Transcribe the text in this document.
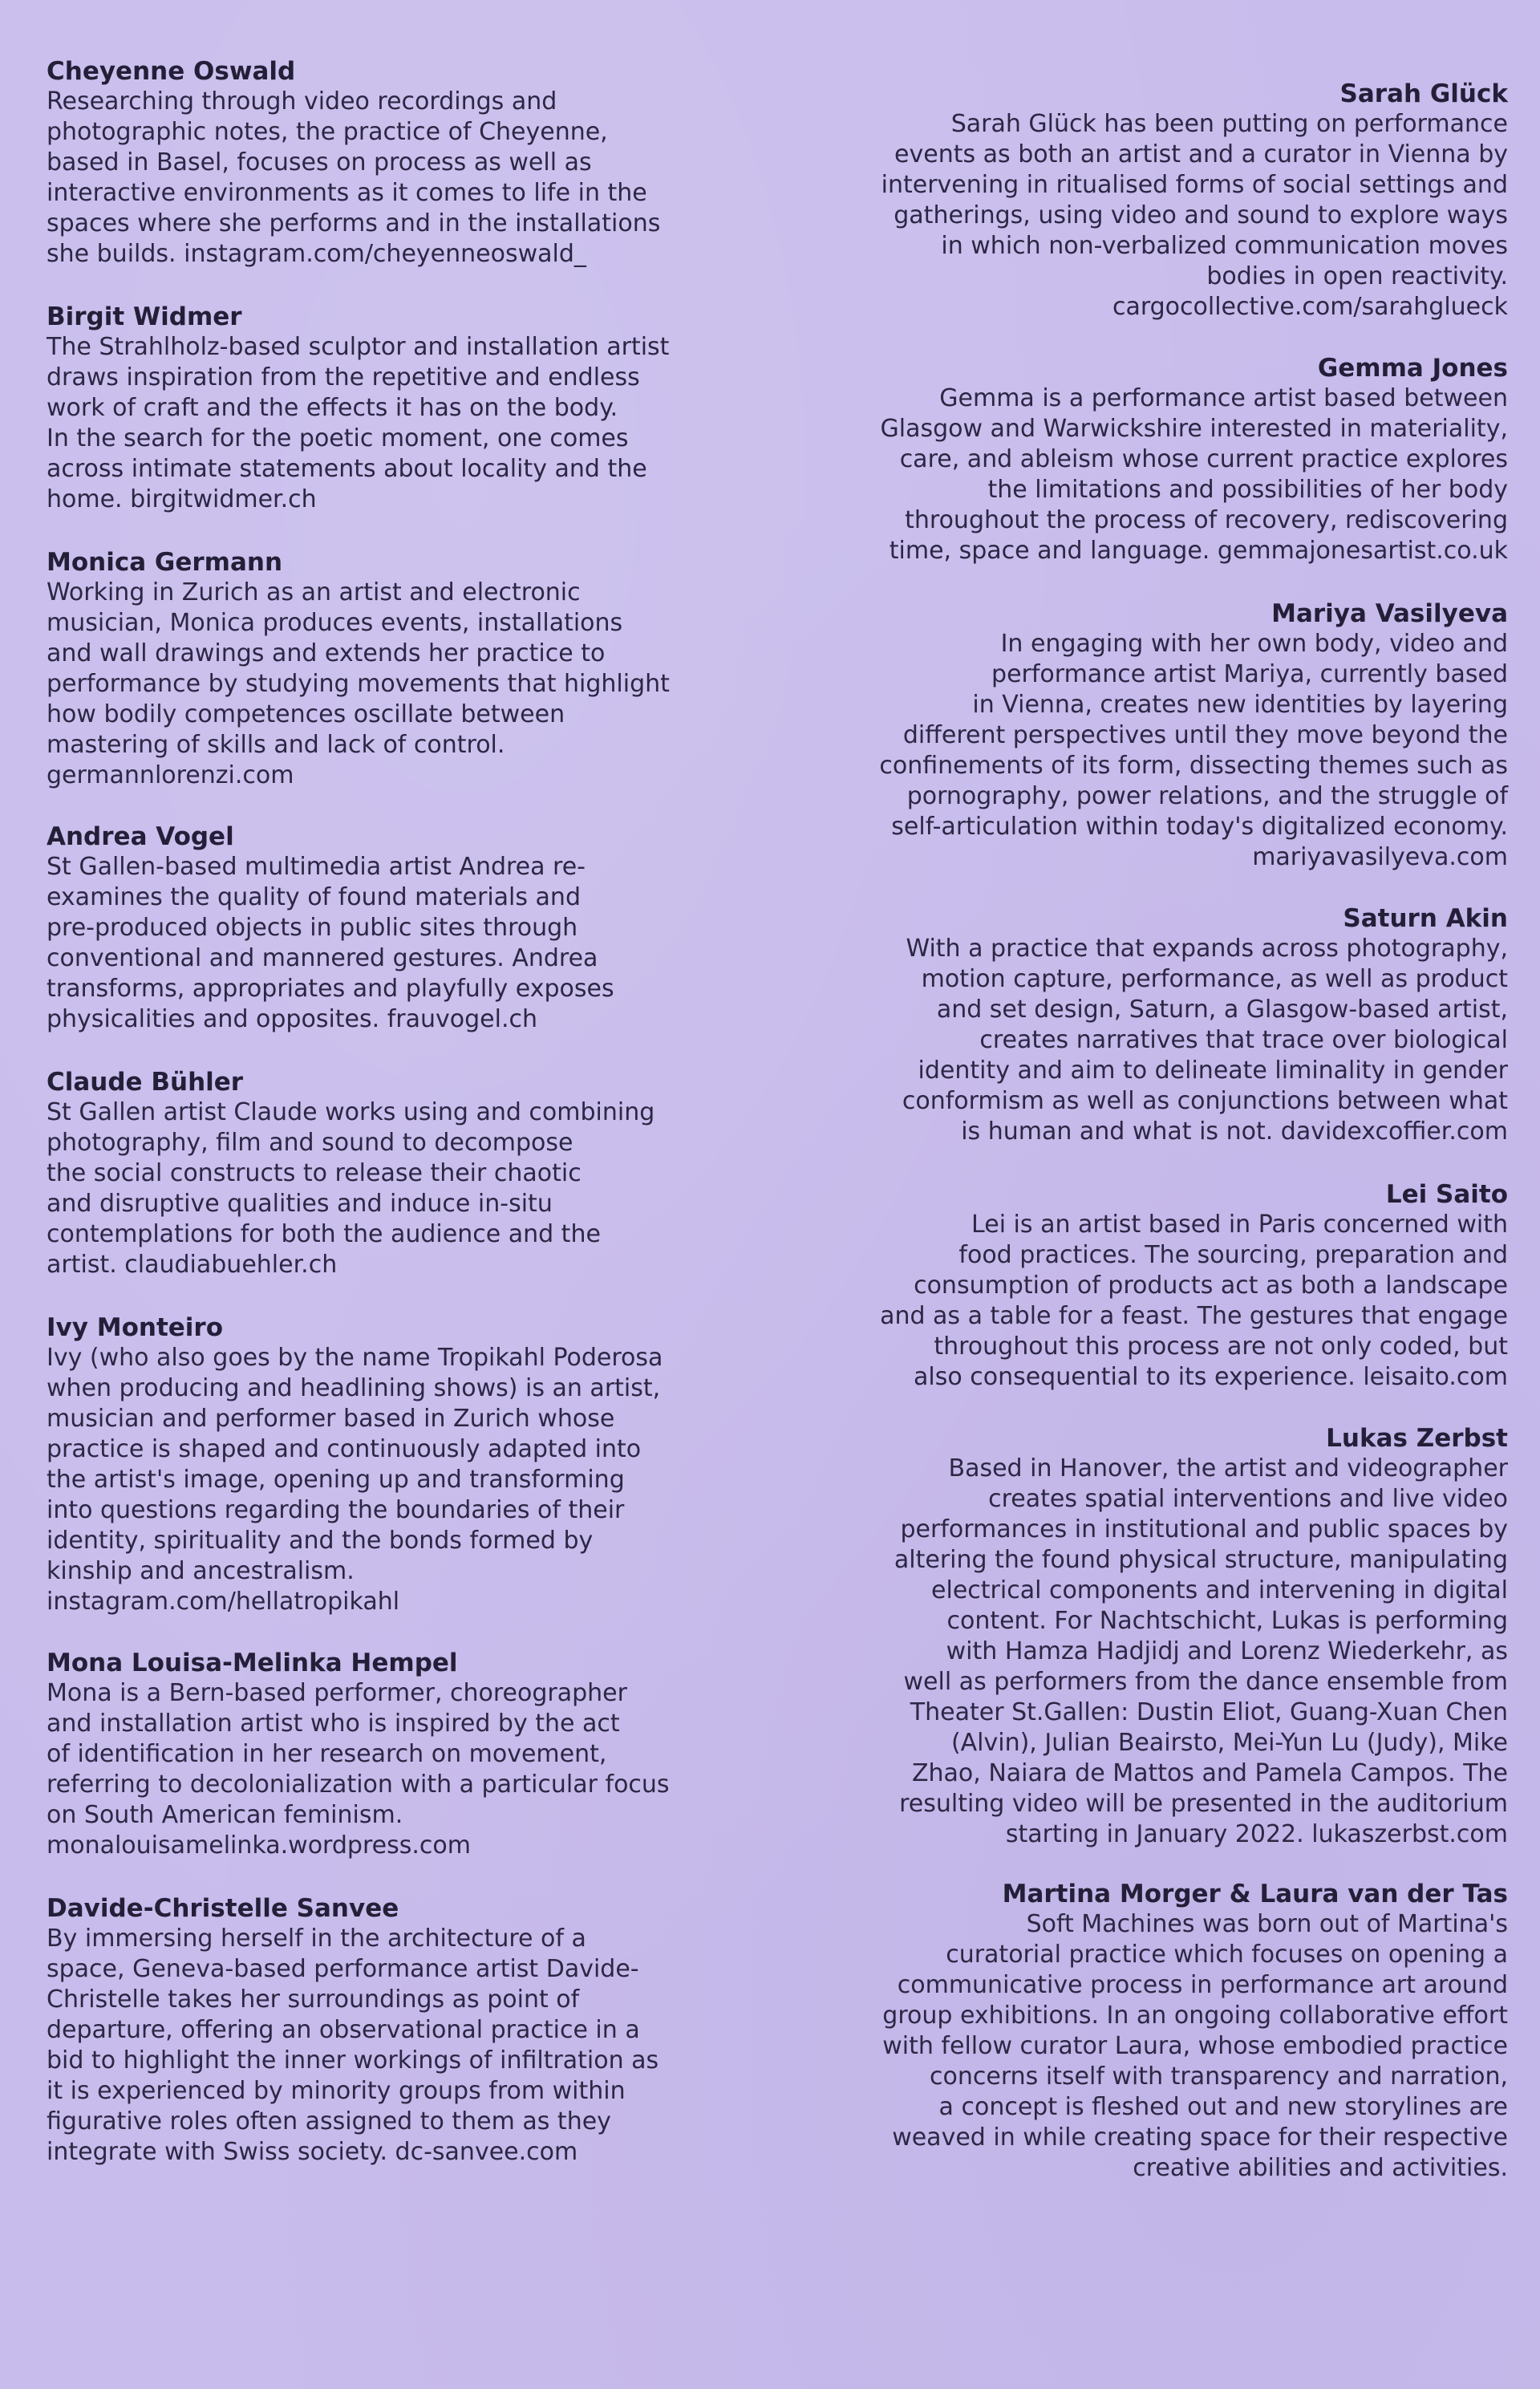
Cheyenne Oswald

Researching through video recordings and
photographic notes, the practice of Cheyenne,
based in Basel, focuses on process as well as
interactive environments as it comes to life in the
spaces where she performs and in the installations
she builds. instagram.com/cheyenneoswald_

Birgit Widmer

The Strahlholz-based sculptor and installation artist
draws inspiration from the repetitive and endless
work of craft and the effects it has on the body.
In the search for the poetic moment, one comes
across intimate statements about locality and the
home. birgitwidmer.ch

Monica Germann

Working in Zurich as an artist and electronic
musician, Monica produces events, installations
and wall drawings and extends her practice to
performance by studying movements that highlight
how bodily competences oscillate between
mastering of skills and lack of control.
germannlorenzi.com

Andrea Vogel

St Gallen-based multimedia artist Andrea re-
examines the quality of found materials and
pre-produced objects in public sites through
conventional and mannered gestures. Andrea
transforms, appropriates and playfully exposes
physicalities and opposites. frauvogel.ch

Claude Bühler

St Gallen artist Claude works using and combining
photography, film and sound to decompose
the social constructs to release their chaotic
and disruptive qualities and induce in-situ
contemplations for both the audience and the
artist. claudiabuehler.ch

Ivy Monteiro

Ivy (who also goes by the name Tropikahl Poderosa
when producing and headlining shows) is an artist,
musician and performer based in Zurich whose
practice is shaped and continuously adapted into
the artist's image, opening up and transforming
into questions regarding the boundaries of their
identity, spirituality and the bonds formed by
kinship and ancestralism.
instagram.com/hellatropikahl

Mona Louisa-Melinka Hempel

Mona is a Bern-based performer, choreographer
and installation artist who is inspired by the act
of identification in her research on movement,
referring to decolonialization with a particular focus
on South American feminism.
monalouisamelinka.wordpress.com

Davide-Christelle Sanvee

By immersing herself in the architecture of a
space, Geneva-based performance artist Davide-
Christelle takes her surroundings as point of
departure, offering an observational practice in a
bid to highlight the inner workings of infiltration as
it is experienced by minority groups from within
figurative roles often assigned to them as they
integrate with Swiss society. dc-sanvee.com

Sarah Glück

Sarah Glück has been putting on performance
events as both an artist and a curator in Vienna by
intervening in ritualised forms of social settings and
gatherings, using video and sound to explore ways
in which non-verbalized communication moves
bodies in open reactivity.
cargocollective.com/sarahglueck

Gemma Jones

Gemma is a performance artist based between
Glasgow and Warwickshire interested in materiality,
care, and ableism whose current practice explores
the limitations and possibilities of her body
throughout the process of recovery, rediscovering
time, space and language. gemmajonesartist.co.uk

Mariya Vasilyeva

In engaging with her own body, video and
performance artist Mariya, currently based
in Vienna, creates new identities by layering
different perspectives until they move beyond the
confinements of its form, dissecting themes such as
pornography, power relations, and the struggle of
self-articulation within today's digitalized economy.
mariyavasilyeva.com

Saturn Akin

With a practice that expands across photography,
motion capture, performance, as well as product
and set design, Saturn, a Glasgow-based artist,
creates narratives that trace over biological
identity and aim to delineate liminality in gender
conformism as well as conjunctions between what
is human and what is not. davidexcoffier.com

Lei Saito

Lei is an artist based in Paris concerned with
food practices. The sourcing, preparation and
consumption of products act as both a landscape
and as a table for a feast. The gestures that engage
throughout this process are not only coded, but
also consequential to its experience. leisaito.com

Lukas Zerbst

Based in Hanover, the artist and videographer
creates spatial interventions and live video
performances in institutional and public spaces by
altering the found physical structure, manipulating
electrical components and intervening in digital
content. For Nachtschicht, Lukas is performing
with Hamza Hadjidj and Lorenz Wiederkehr, as
well as performers from the dance ensemble from
Theater St.Gallen: Dustin Eliot, Guang-Xuan Chen
(Alvin), Julian Beairsto, Mei-Yun Lu (Judy), Mike
Zhao, Naiara de Mattos and Pamela Campos. The
resulting video will be presented in the auditorium
starting in January 2022. lukaszerbst.com

Martina Morger & Laura van der Tas

Soft Machines was born out of Martina's
curatorial practice which focuses on opening a
communicative process in performance art around
group exhibitions. In an ongoing collaborative effort
with fellow curator Laura, whose embodied practice
concerns itself with transparency and narration,
a concept is fleshed out and new storylines are
weaved in while creating space for their respective
creative abilities and activities.
